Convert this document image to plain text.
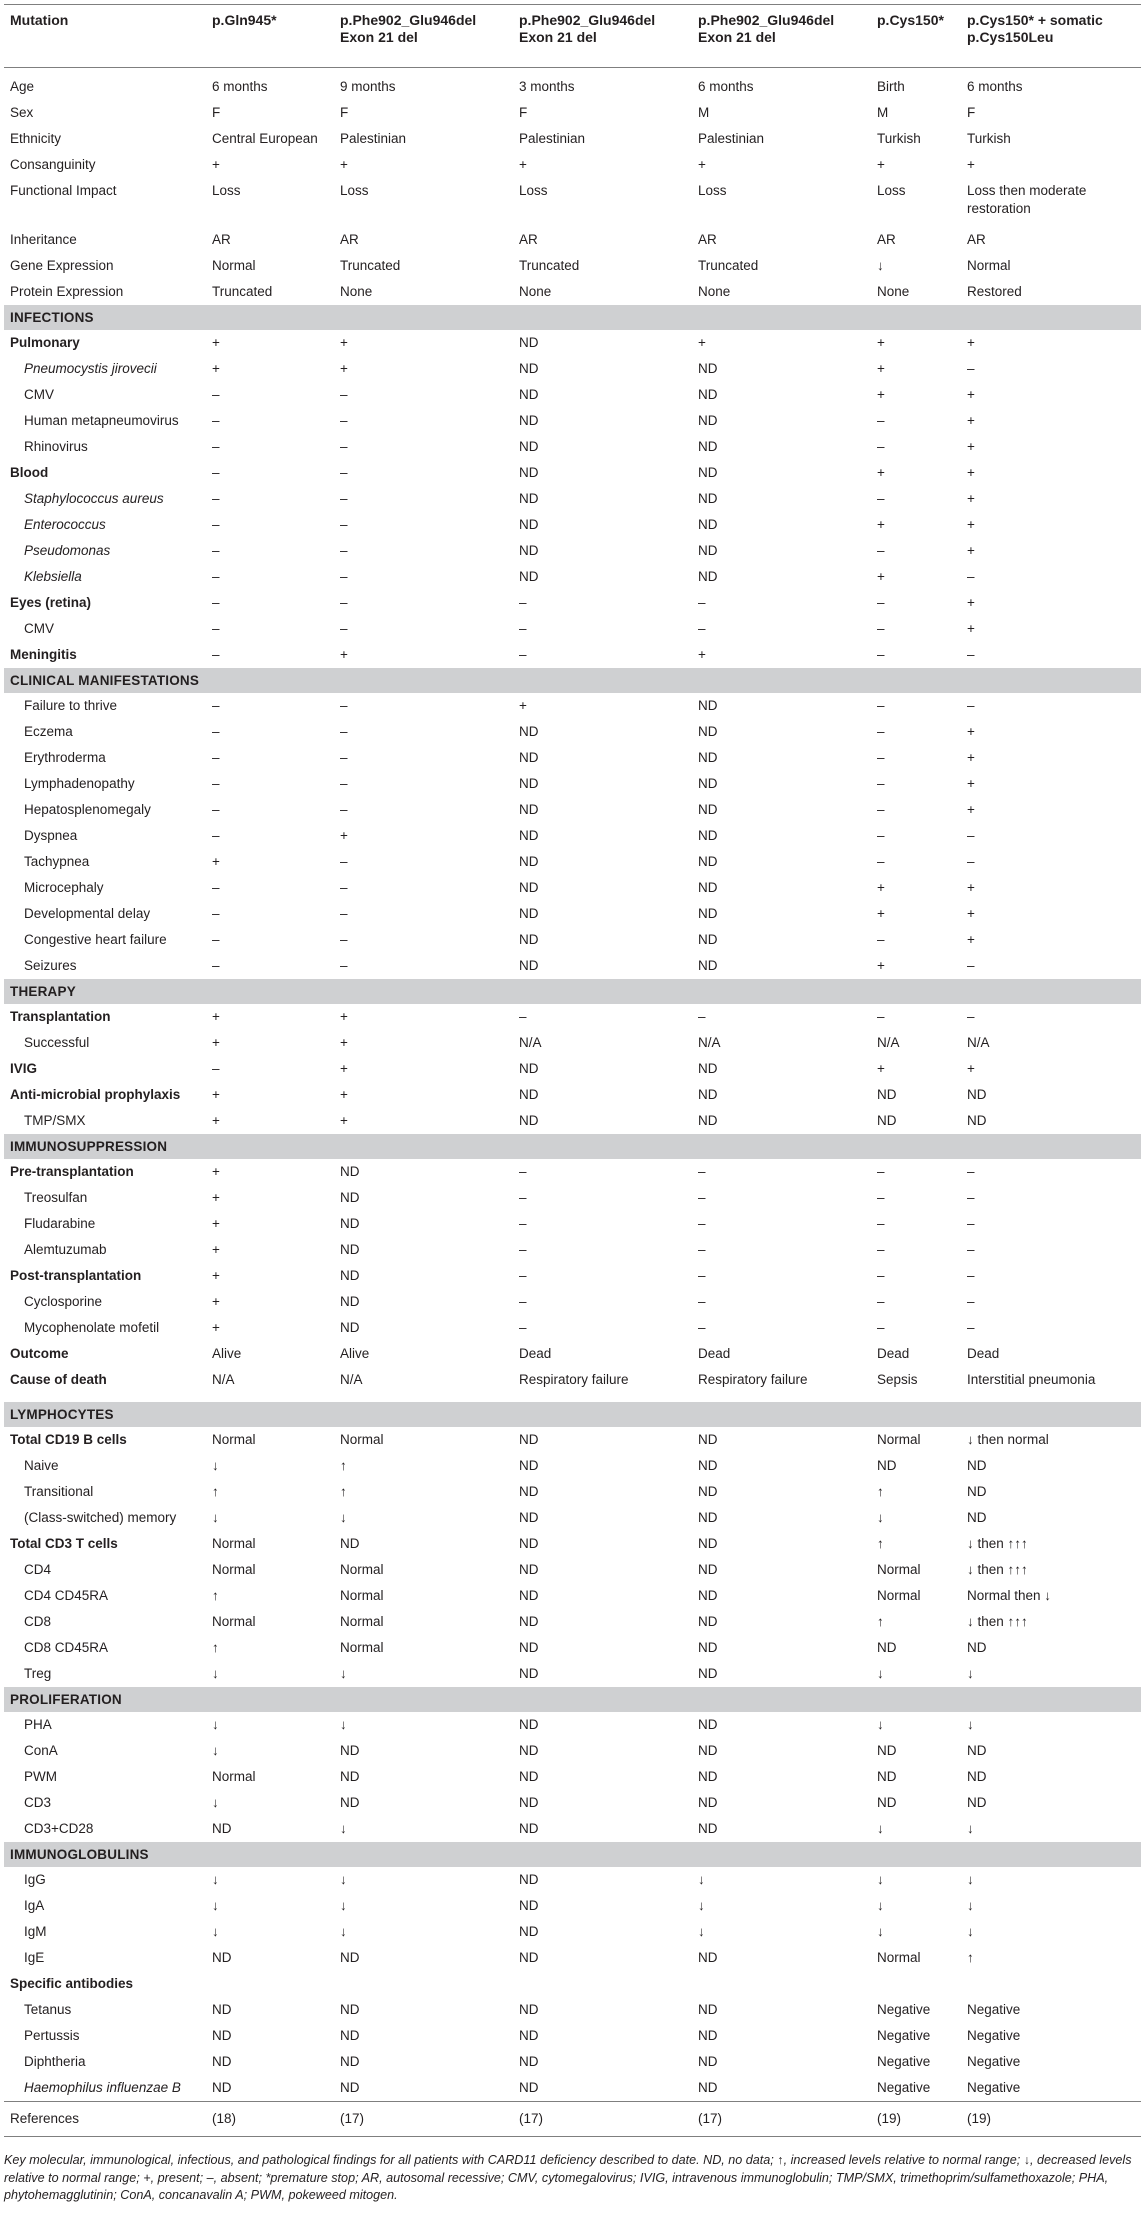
Mutation	p.Gln945*	p.Phe902_Glu946del Exon 21 del	p.Phe902_Glu946del Exon 21 del	p.Phe902_Glu946del Exon 21 del	p.Cys150*	p.Cys150* + somatic p.Cys150Leu
Age	6 months	9 months	3 months	6 months	Birth	6 months
Sex	F	F	F	M	M	F
Ethnicity	Central European	Palestinian	Palestinian	Palestinian	Turkish	Turkish
Consanguinity	+	+	+	+	+	+
Functional Impact	Loss	Loss	Loss	Loss	Loss	Loss then moderate restoration
Inheritance	AR	AR	AR	AR	AR	AR
Gene Expression	Normal	Truncated	Truncated	Truncated	↓	Normal
Protein Expression	Truncated	None	None	None	None	Restored
INFECTIONS						
Pulmonary	+	+	ND	+	+	+
Pneumocystis jirovecii	+	+	ND	ND	+	–
CMV	–	–	ND	ND	+	+
Human metapneumovirus	–	–	ND	ND	–	+
Rhinovirus	–	–	ND	ND	–	+
Blood	–	–	ND	ND	+	+
Staphylococcus aureus	–	–	ND	ND	–	+
Enterococcus	–	–	ND	ND	+	+
Pseudomonas	–	–	ND	ND	–	+
Klebsiella	–	–	ND	ND	+	–
Eyes (retina)	–	–	–	–	–	+
CMV	–	–	–	–	–	+
Meningitis	–	+	–	+	–	–
CLINICAL MANIFESTATIONS						
Failure to thrive	–	–	+	ND	–	–
Eczema	–	–	ND	ND	–	+
Erythroderma	–	–	ND	ND	–	+
Lymphadenopathy	–	–	ND	ND	–	+
Hepatosplenomegaly	–	–	ND	ND	–	+
Dyspnea	–	+	ND	ND	–	–
Tachypnea	+	–	ND	ND	–	–
Microcephaly	–	–	ND	ND	+	+
Developmental delay	–	–	ND	ND	+	+
Congestive heart failure	–	–	ND	ND	–	+
Seizures	–	–	ND	ND	+	–
THERAPY						
Transplantation	+	+	–	–	–	–
Successful	+	+	N/A	N/A	N/A	N/A
IVIG	–	+	ND	ND	+	+
Anti-microbial prophylaxis	+	+	ND	ND	ND	ND
TMP/SMX	+	+	ND	ND	ND	ND
IMMUNOSUPPRESSION						
Pre-transplantation	+	ND	–	–	–	–
Treosulfan	+	ND	–	–	–	–
Fludarabine	+	ND	–	–	–	–
Alemtuzumab	+	ND	–	–	–	–
Post-transplantation	+	ND	–	–	–	–
Cyclosporine	+	ND	–	–	–	–
Mycophenolate mofetil	+	ND	–	–	–	–
Outcome	Alive	Alive	Dead	Dead	Dead	Dead
Cause of death	N/A	N/A	Respiratory failure	Respiratory failure	Sepsis	Interstitial pneumonia

LYMPHOCYTES						
Total CD19 B cells	Normal	Normal	ND	ND	Normal	↓ then normal
Naive	↓	↑	ND	ND	ND	ND
Transitional	↑	↑	ND	ND	↑	ND
(Class-switched) memory	↓	↓	ND	ND	↓	ND
Total CD3 T cells	Normal	ND	ND	ND	↑	↓ then ↑↑↑
CD4	Normal	Normal	ND	ND	Normal	↓ then ↑↑↑
CD4 CD45RA	↑	Normal	ND	ND	Normal	Normal then ↓
CD8	Normal	Normal	ND	ND	↑	↓ then ↑↑↑
CD8 CD45RA	↑	Normal	ND	ND	ND	ND
Treg	↓	↓	ND	ND	↓	↓
PROLIFERATION						
PHA	↓	↓	ND	ND	↓	↓
ConA	↓	ND	ND	ND	ND	ND
PWM	Normal	ND	ND	ND	ND	ND
CD3	↓	ND	ND	ND	ND	ND
CD3+CD28	ND	↓	ND	ND	↓	↓
IMMUNOGLOBULINS						
IgG	↓	↓	ND	↓	↓	↓
IgA	↓	↓	ND	↓	↓	↓
IgM	↓	↓	ND	↓	↓	↓
IgE	ND	ND	ND	ND	Normal	↑
Specific antibodies						
Tetanus	ND	ND	ND	ND	Negative	Negative
Pertussis	ND	ND	ND	ND	Negative	Negative
Diphtheria	ND	ND	ND	ND	Negative	Negative
Haemophilus influenzae B	ND	ND	ND	ND	Negative	Negative
References	(18)	(17)	(17)	(17)	(19)	(19)
Key molecular, immunological, infectious, and pathological findings for all patients with CARD11 deficiency described to date. ND, no data; ↑, increased levels relative to normal range; ↓, decreased levels relative to normal range; +, present; –, absent; *premature stop; AR, autosomal recessive; CMV, cytomegalovirus; IVIG, intravenous immunoglobulin; TMP/SMX, trimethoprim/sulfamethoxazole; PHA, phytohemagglutinin; ConA, concanavalin A; PWM, pokeweed mitogen.
